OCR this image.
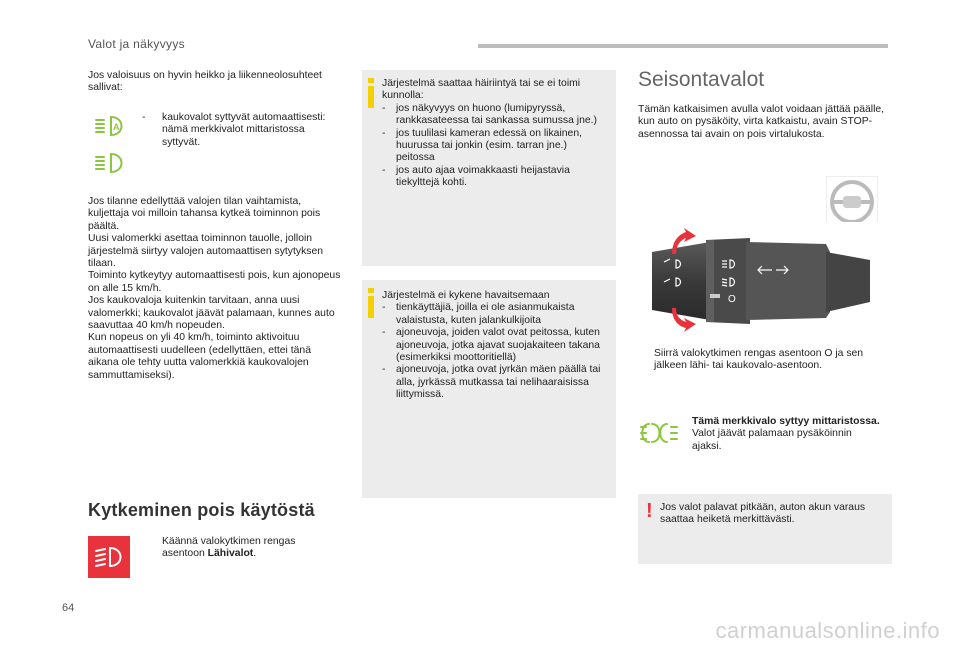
Valot ja näkyvyys
Jos valoisuus on hyvin heikko ja liikenneolosuhteet sallivat:
A
-	kaukovalot syttyvät automaattisesti: nämä merkkivalot mittaristossa syttyvät.
Jos tilanne edellyttää valojen tilan vaihtamista, kuljettaja voi milloin tahansa kytkeä toiminnon pois päältä.
Uusi valomerkki asettaa toiminnon tauolle, jolloin järjestelmä siirtyy valojen automaattisen sytytyksen tilaan.
Toiminto kytkeytyy automaattisesti pois, kun ajonopeus on alle 15 km/h.
Jos kaukovaloja kuitenkin tarvitaan, anna uusi valomerkki; kaukovalot jäävät palamaan, kunnes auto saavuttaa 40 km/h nopeuden.
Kun nopeus on yli 40 km/h, toiminto aktivoituu automaattisesti uudelleen (edellyttäen, ettei tänä aikana ole tehty uutta valomerkkiä kaukovalojen sammuttamiseksi).
Kytkeminen pois käytöstä
Käännä valokytkimen rengas asentoon Lähivalot.
Järjestelmä saattaa häiriintyä tai se ei toimi kunnolla:
- jos näkyvyys on huono (lumipyryssä, rankkasateessa tai sankassa sumussa jne.)
- jos tuulilasi kameran edessä on likainen, huurussa tai jonkin (esim. tarran jne.) peitossa
- jos auto ajaa voimakkaasti heijastavia tiekylttejä kohti.
Järjestelmä ei kykene havaitsemaan
- tienkäyttäjiä, joilla ei ole asianmukaista valaistusta, kuten jalankulkijoita
- ajoneuvoja, joiden valot ovat peitossa, kuten ajoneuvoja, jotka ajavat suojakaiteen takana (esimerkiksi moottoritiellä)
- ajoneuvoja, jotka ovat jyrkän mäen päällä tai alla, jyrkässä mutkassa tai nelihaaraisissa liittymissä.
Seisontavalot
Tämän katkaisimen avulla valot voidaan jättää päälle, kun auto on pysäköity, virta katkaistu, avain STOP-asennossa tai avain on pois virtalukosta.
O
Siirrä valokytkimen rengas asentoon O ja sen jälkeen lähi- tai kaukovalo-asentoon.
Tämä merkkivalo syttyy mittaristossa.
Valot jäävät palamaan pysäköinnin ajaksi.
! Jos valot palavat pitkään, auton akun varaus saattaa heiketä merkittävästi.
64
carmanualsonline.info
